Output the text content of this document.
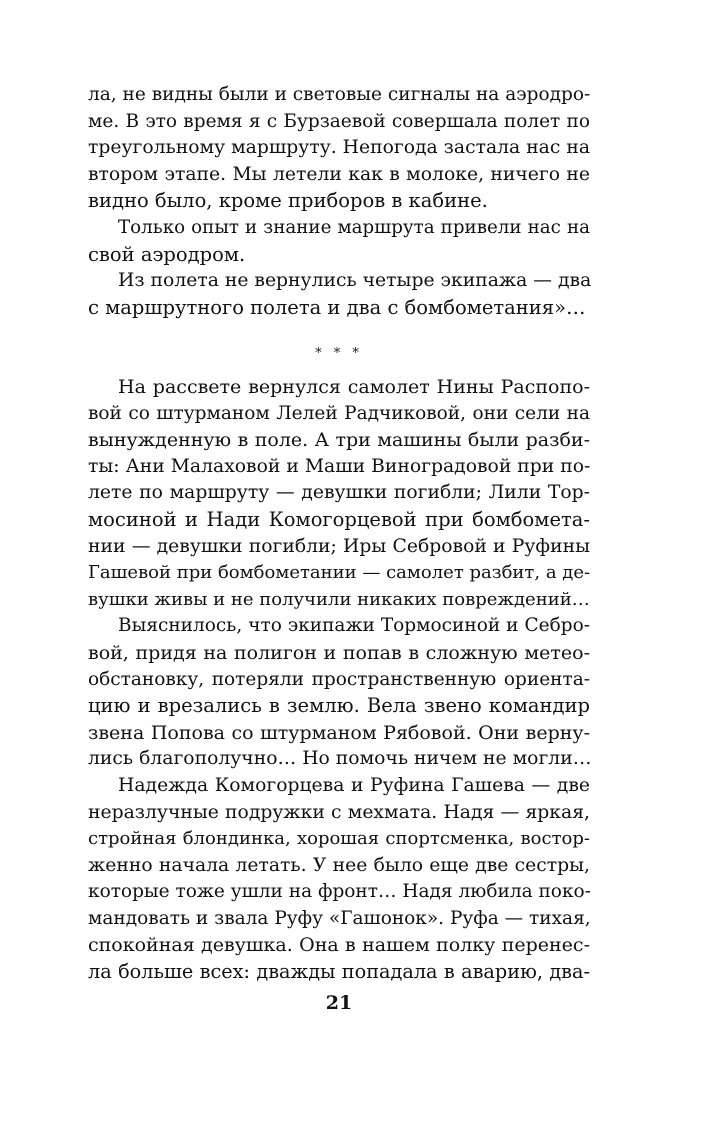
ла, не видны были и световые сигналы на аэродро-
ме. В это время я с Бурзаевой совершала полет по
треугольному маршруту. Непогода застала нас на
втором этапе. Мы летели как в молоке, ничего не
видно было, кроме приборов в кабине.
Только опыт и знание маршрута привели нас на
свой аэродром.
Из полета не вернулись четыре экипажа — два
с маршрутного полета и два с бомбометания»…
* * *
На рассвете вернулся самолет Нины Распопо-
вой со штурманом Лелей Радчиковой, они сели на
вынужденную в поле. А три машины были разби-
ты: Ани Малаховой и Маши Виноградовой при по-
лете по маршруту — девушки погибли; Лили Тор-
мосиной и Нади Комогорцевой при бомбомета-
нии — девушки погибли; Иры Себровой и Руфины
Гашевой при бомбометании — самолет разбит, а де-
вушки живы и не получили никаких повреждений…
Выяснилось, что экипажи Тормосиной и Себро-
вой, придя на полигон и попав в сложную метео-
обстановку, потеряли пространственную ориента-
цию и врезались в землю. Вела звено командир
звена Попова со штурманом Рябовой. Они верну-
лись благополучно… Но помочь ничем не могли…
Надежда Комогорцева и Руфина Гашева — две
неразлучные подружки с мехмата. Надя — яркая,
стройная блондинка, хорошая спортсменка, востор-
женно начала летать. У нее было еще две сестры,
которые тоже ушли на фронт… Надя любила поко-
мандовать и звала Руфу «Гашонок». Руфа — тихая,
спокойная девушка. Она в нашем полку перенес-
ла больше всех: дважды попадала в аварию, два-
21
